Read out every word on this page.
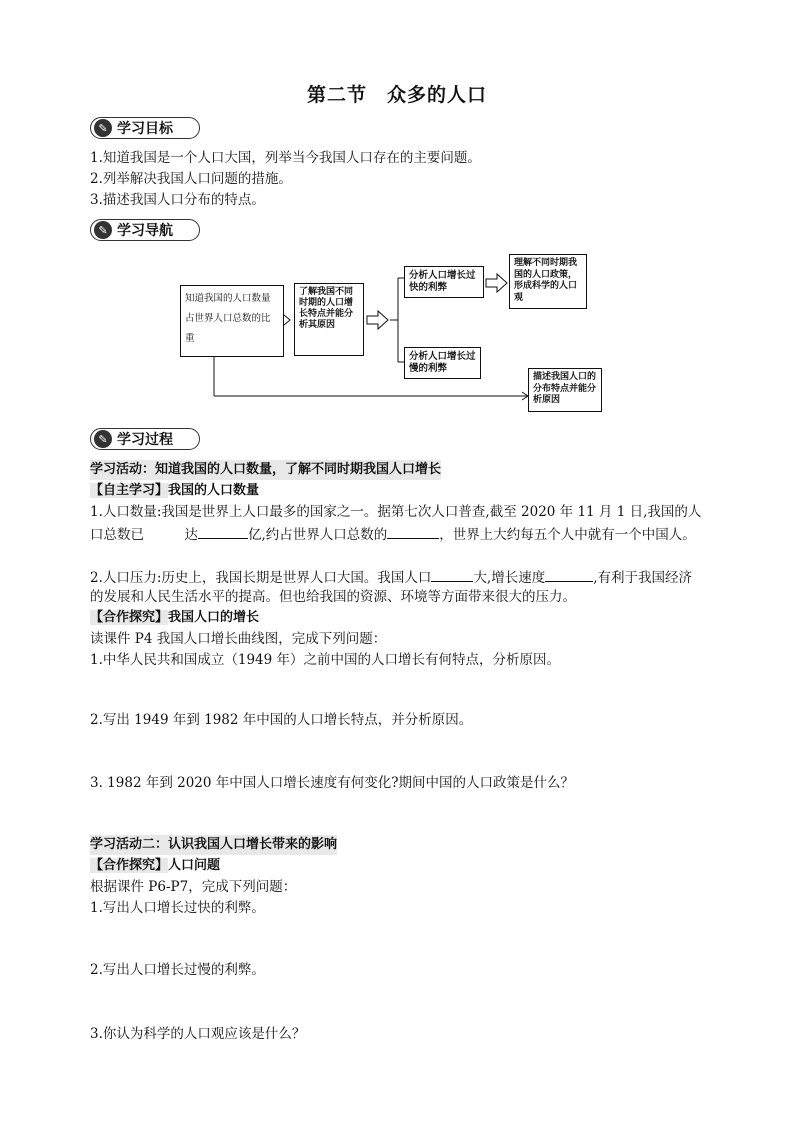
第二节　众多的人口
✎ 学习目标
1.知道我国是一个人口大国，列举当今我国人口存在的主要问题。
2.列举解决我国人口问题的措施。
3.描述我国人口分布的特点。
✎ 学习导航
知道我国的人口数量占世界人口总数的比重
了解我国不同时期的人口增长特点并能分析其原因
分析人口增长过快的利弊
理解不同时期我国的人口政策，形成科学的人口观
分析人口增长过慢的利弊
描述我国人口的分布特点并能分析原因
✎ 学习过程
学习活动：知道我国的人口数量，了解不同时期我国人口增长
【自主学习】我国的人口数量
1.人口数量:我国是世界上人口最多的国家之一。据第七次人口普查,截至 2020 年 11 月 1 日,我国的人
口总数已　　　达	亿,约占世界人口总数的	，世界上大约每五个人中就有一个中国人。
2.人口压力:历史上，我国长期是世界人口大国。我国人口	大,增长速度	,有利于我国经济
的发展和人民生活水平的提高。但也给我国的资源、环境等方面带来很大的压力。
【合作探究】我国人口的增长
读课件 P4 我国人口增长曲线图，完成下列问题：
1.中华人民共和国成立（1949 年）之前中国的人口增长有何特点，分析原因。
2.写出 1949 年到 1982 年中国的人口增长特点，并分析原因。
3. 1982 年到 2020 年中国人口增长速度有何变化?期间中国的人口政策是什么？
学习活动二：认识我国人口增长带来的影响
【合作探究】人口问题
根据课件 P6-P7，完成下列问题：
1.写出人口增长过快的利弊。
2.写出人口增长过慢的利弊。
3.你认为科学的人口观应该是什么？
